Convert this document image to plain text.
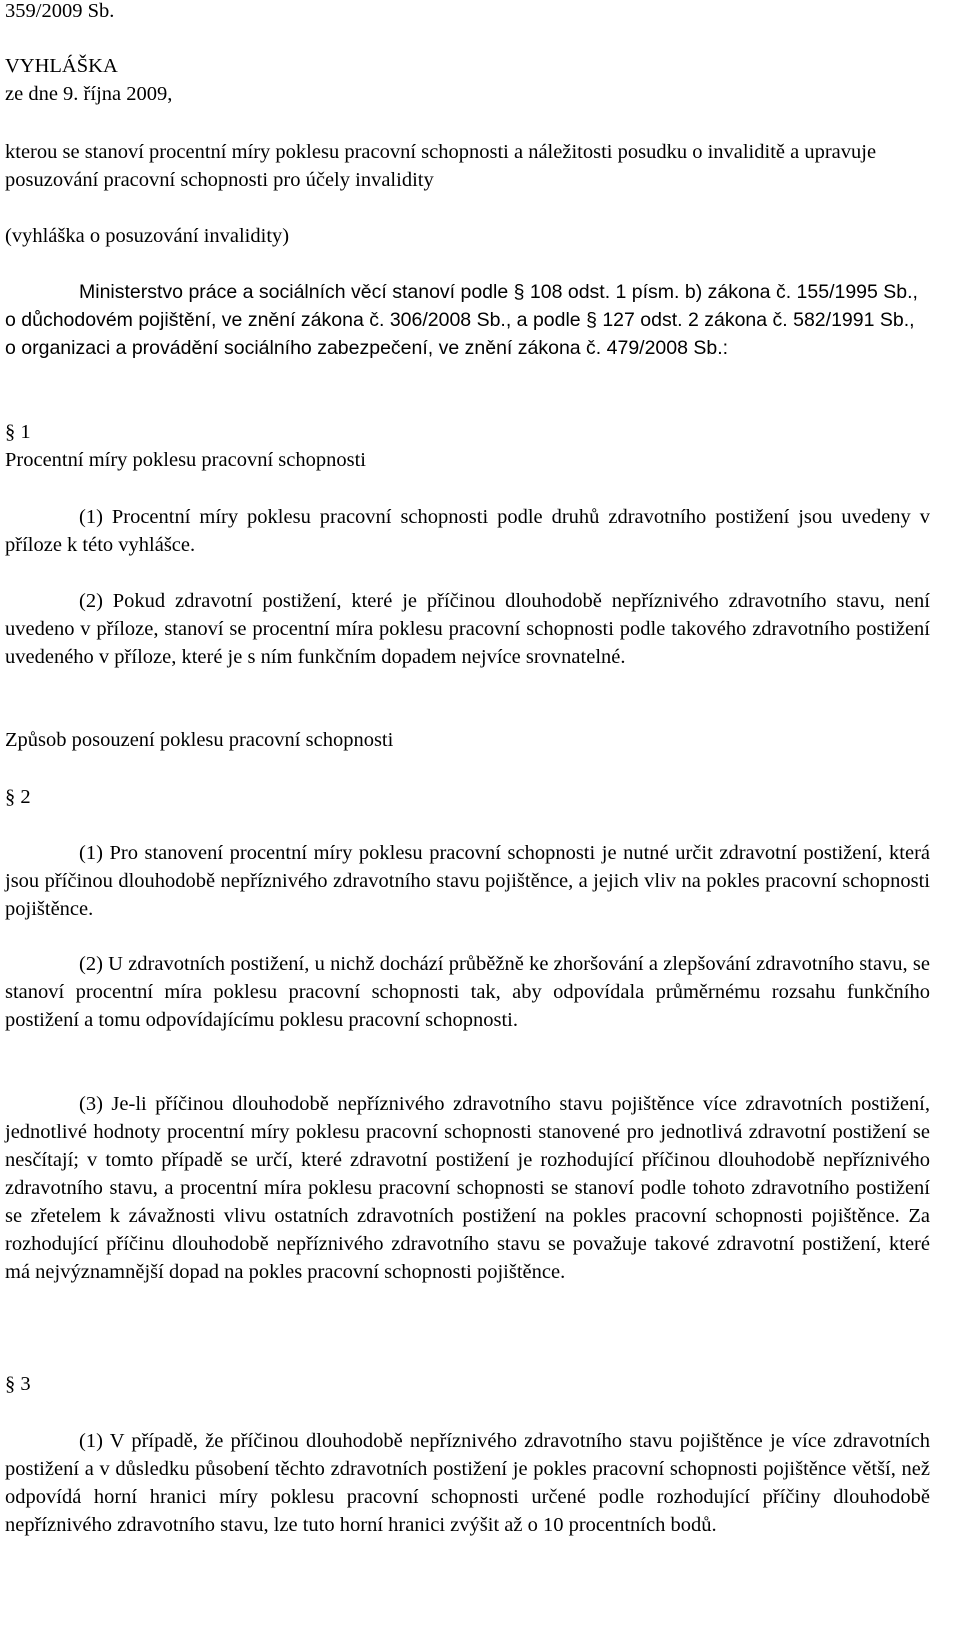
359/2009 Sb.
VYHLÁŠKA
ze dne 9. října 2009,
kterou se stanoví procentní míry poklesu pracovní schopnosti a náležitosti posudku o invaliditě a upravuje posuzování pracovní schopnosti pro účely invalidity
(vyhláška o posuzování invalidity)
Ministerstvo práce a sociálních věcí stanoví podle § 108 odst. 1 písm. b) zákona č. 155/1995 Sb., o důchodovém pojištění, ve znění zákona č. 306/2008 Sb., a podle § 127 odst. 2 zákona č. 582/1991 Sb., o organizaci a provádění sociálního zabezpečení, ve znění zákona č. 479/2008 Sb.:
§ 1
Procentní míry poklesu pracovní schopnosti
(1) Procentní míry poklesu pracovní schopnosti podle druhů zdravotního postižení jsou uvedeny v příloze k této vyhlášce.
(2) Pokud zdravotní postižení, které je příčinou dlouhodobě nepříznivého zdravotního stavu, není uvedeno v příloze, stanoví se procentní míra poklesu pracovní schopnosti podle takového zdravotního postižení uvedeného v příloze, které je s ním funkčním dopadem nejvíce srovnatelné.
Způsob posouzení poklesu pracovní schopnosti
§ 2
(1) Pro stanovení procentní míry poklesu pracovní schopnosti je nutné určit zdravotní postižení, která jsou příčinou dlouhodobě nepříznivého zdravotního stavu pojištěnce, a jejich vliv na pokles pracovní schopnosti pojištěnce.
(2) U zdravotních postižení, u nichž dochází průběžně ke zhoršování a zlepšování zdravotního stavu, se stanoví procentní míra poklesu pracovní schopnosti tak, aby odpovídala průměrnému rozsahu funkčního postižení a tomu odpovídajícímu poklesu pracovní schopnosti.
(3) Je-li příčinou dlouhodobě nepříznivého zdravotního stavu pojištěnce více zdravotních postižení, jednotlivé hodnoty procentní míry poklesu pracovní schopnosti stanovené pro jednotlivá zdravotní postižení se nesčítají; v tomto případě se určí, které zdravotní postižení je rozhodující příčinou dlouhodobě nepříznivého zdravotního stavu, a procentní míra poklesu pracovní schopnosti se stanoví podle tohoto zdravotního postižení se zřetelem k závažnosti vlivu ostatních zdravotních postižení na pokles pracovní schopnosti pojištěnce. Za rozhodující příčinu dlouhodobě nepříznivého zdravotního stavu se považuje takové zdravotní postižení, které má nejvýznamnější dopad na pokles pracovní schopnosti pojištěnce.
§ 3
(1) V případě, že příčinou dlouhodobě nepříznivého zdravotního stavu pojištěnce je více zdravotních postižení a v důsledku působení těchto zdravotních postižení je pokles pracovní schopnosti pojištěnce větší, než odpovídá horní hranici míry poklesu pracovní schopnosti určené podle rozhodující příčiny dlouhodobě nepříznivého zdravotního stavu, lze tuto horní hranici zvýšit až o 10 procentních bodů.
